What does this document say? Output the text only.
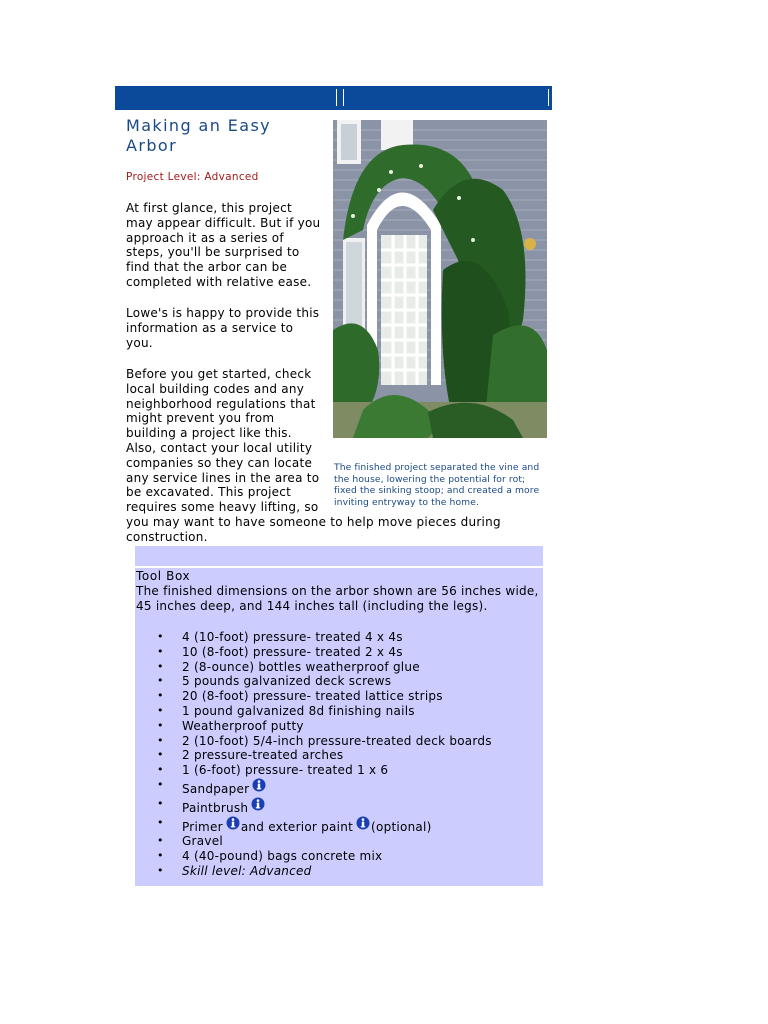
Making an Easy Arbor
Project Level: Advanced

At first glance, this project may appear difficult. But if you approach it as a series of steps, you'll be surprised to find that the arbor can be completed with relative ease.

Lowe's is happy to provide this information as a service to you.

Before you get started, check local building codes and any neighborhood regulations that might prevent you from building a project like this. Also, contact your local utility companies so they can locate any service lines in the area to be excavated. This project requires some heavy lifting, so you may want to have someone to help move pieces during construction.

The finished project separated the vine and the house, lowering the potential for rot; fixed the sinking stoop; and created a more inviting entryway to the home.

Tool Box
The finished dimensions on the arbor shown are 56 inches wide, 45 inches deep, and 144 inches tall (including the legs).
• 4 (10-foot) pressure- treated 4 x 4s
• 10 (8-foot) pressure- treated 2 x 4s
• 2 (8-ounce) bottles weatherproof glue
• 5 pounds galvanized deck screws
• 20 (8-foot) pressure- treated lattice strips
• 1 pound galvanized 8d finishing nails
• Weatherproof putty
• 2 (10-foot) 5/4-inch pressure-treated deck boards
• 2 pressure-treated arches
• 1 (6-foot) pressure- treated 1 x 6
• Sandpaper
• Paintbrush
• Primer and exterior paint (optional)
• Gravel
• 4 (40-pound) bags concrete mix
• Skill level: Advanced
